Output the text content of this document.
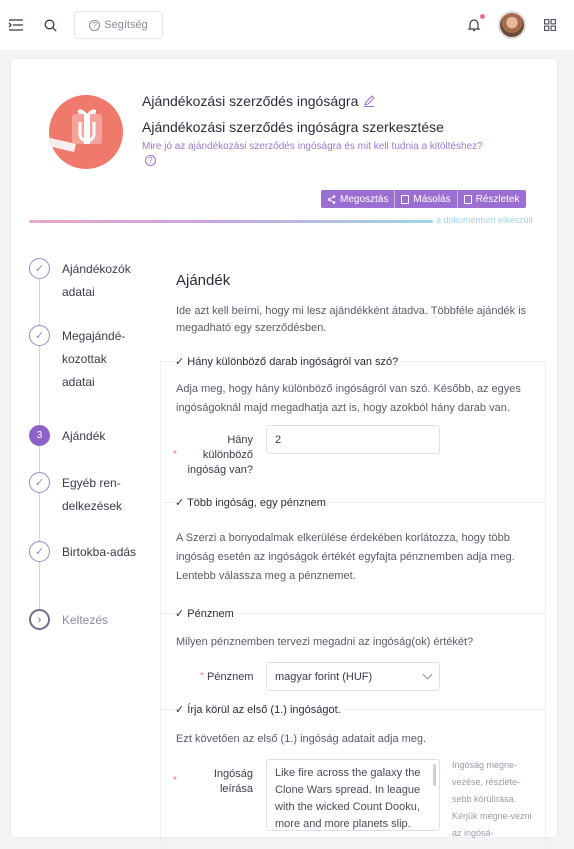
? Segítség
Ajándékozási szerződés ingóságra
Ajándékozási szerződés ingóságra szerkesztése
Mire jó az ajándékozási szerződés ingóságra és mit kell tudnia a kitöltéshez?
?
Megosztás	Másolás	Részletek
a dokumentum elkészült
✓	Ajándékozók adatai
✓	Megajándé-kozottak adatai
3	Ajándék
✓	Egyéb ren-delkezések
✓	Birtokba-adás
›	Keltezés
Ajándék
Ide azt kell beírni, hogy mi lesz ajándékként átadva. Többféle ajándék is megadható egy szerződésben.
✓ Hány különböző darab ingóságról van szó?
Adja meg, hogy hány különböző ingóságról van szó. Később, az egyes ingóságoknál majd megadhatja azt is, hogy azokból hány darab van.
*
Hány különböző ingóság van?
2
✓ Több ingóság, egy pénznem
A Szerzi a bonyodalmak elkerülése érdekében korlátozza, hogy több ingóság esetén az ingóságok értékét egyfajta pénznemben adja meg. Lentebb válassza meg a pénznemet.
✓ Pénznem
Milyen pénznemben tervezi megadni az ingóság(ok) értékét?
* Pénznem magyar forint (HUF)
✓ Írja körül az első (1.) ingóságot.
Ezt követően az első (1.) ingóság adatait adja meg.
*
Ingóság leírása
Like fire across the galaxy the Clone Wars spread. In league with the wicked Count Dooku, more and more planets slip.
Ingóság megne-vezése, részlete-sebb körülírása. Kérjük megne-vezni az ingósá-
